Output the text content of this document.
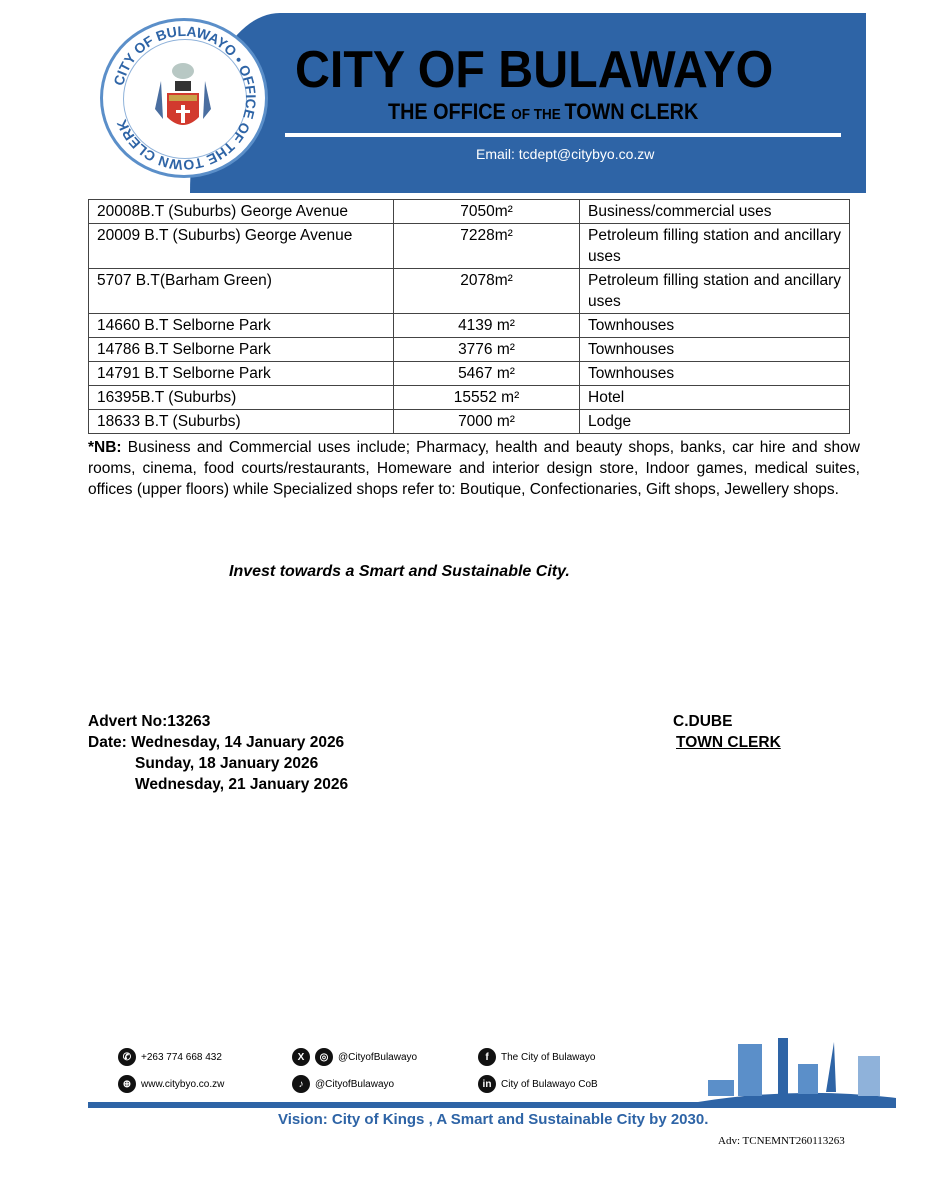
CITY OF BULAWAYO • OFFICE OF THE TOWN CLERK
CITY OF BULAWAYO
THE OFFICE OF THE TOWN CLERK
Email: tcdept@citybyo.co.zw
20008B.T (Suburbs) George Avenue	7050m²	Business/commercial uses
20009 B.T (Suburbs) George Avenue	7228m²	Petroleum filling station and ancillary uses
5707 B.T(Barham Green)	2078m²	Petroleum filling station and ancillary uses
14660 B.T Selborne Park	4139 m²	Townhouses
14786 B.T Selborne Park	3776 m²	Townhouses
14791 B.T Selborne Park	5467 m²	Townhouses
16395B.T (Suburbs)	15552 m²	Hotel
18633 B.T (Suburbs)	7000 m²	Lodge
*NB: Business and Commercial uses include; Pharmacy, health and beauty shops, banks, car hire and show rooms, cinema, food courts/restaurants, Homeware and interior design store, Indoor games, medical suites, offices (upper floors) while Specialized shops refer to: Boutique, Confectionaries, Gift shops, Jewellery shops.
Invest towards a Smart and Sustainable City.
Advert No:13263
Date: Wednesday, 14 January 2026
Sunday, 18 January 2026
Wednesday, 21 January 2026
C.DUBE
TOWN CLERK
✆ +263 774 668 432
⊕ www.citybyo.co.zw
X	◎ @CityofBulawayo
♪	@CityofBulawayo
f	The City of Bulawayo
in City of Bulawayo CoB
Vision: City of Kings , A Smart and Sustainable City by 2030.
Adv: TCNEMNT260113263
